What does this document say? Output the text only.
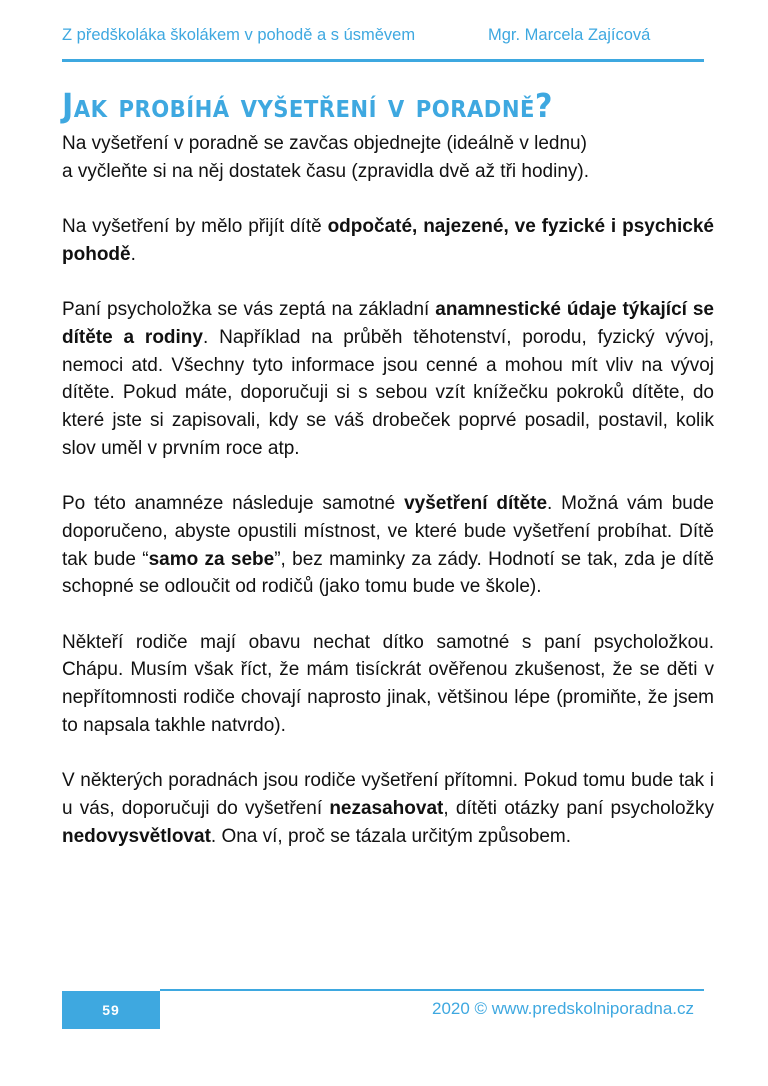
Z předškoláka školákem v pohodě a s úsměvem	Mgr. Marcela Zajícová
Jak probíhá vyšetření v poradně?

Na vyšetření v poradně se zavčas objednejte (ideálně v lednu)
a vyčleňte si na něj dostatek času (zpravidla dvě až tři hodiny).

Na vyšetření by mělo přijít dítě odpočaté, najezené, ve fyzické i psychické pohodě.

Paní psycholožka se vás zeptá na základní anamnestické údaje týkající se dítěte a rodiny. Například na průběh těhotenství, porodu, fyzický vývoj, nemoci atd. Všechny tyto informace jsou cenné a mohou mít vliv na vývoj dítěte. Pokud máte, doporučuji si s sebou vzít knížečku pokroků dítěte, do které jste si zapisovali, kdy se váš drobeček poprvé posadil, postavil, kolik slov uměl v prvním roce atp.

Po této anamnéze následuje samotné vyšetření dítěte. Možná vám bude doporučeno, abyste opustili místnost, ve které bude vyšetření probíhat. Dítě tak bude “samo za sebe”, bez maminky za zády. Hodnotí se tak, zda je dítě schopné se odloučit od rodičů (jako tomu bude ve škole).

Někteří rodiče mají obavu nechat dítko samotné s paní psycholožkou. Chápu. Musím však říct, že mám tisíckrát ověřenou zkušenost, že se děti v nepřítomnosti rodiče chovají naprosto jinak, většinou lépe (promiňte, že jsem to napsala takhle natvrdo).

V některých poradnách jsou rodiče vyšetření přítomni. Pokud tomu bude tak i u vás, doporučuji do vyšetření nezasahovat, dítěti otázky paní psycholožky nedovysvětlovat. Ona ví, proč se tázala určitým způsobem.

59	2020 © www.predskolniporadna.cz
